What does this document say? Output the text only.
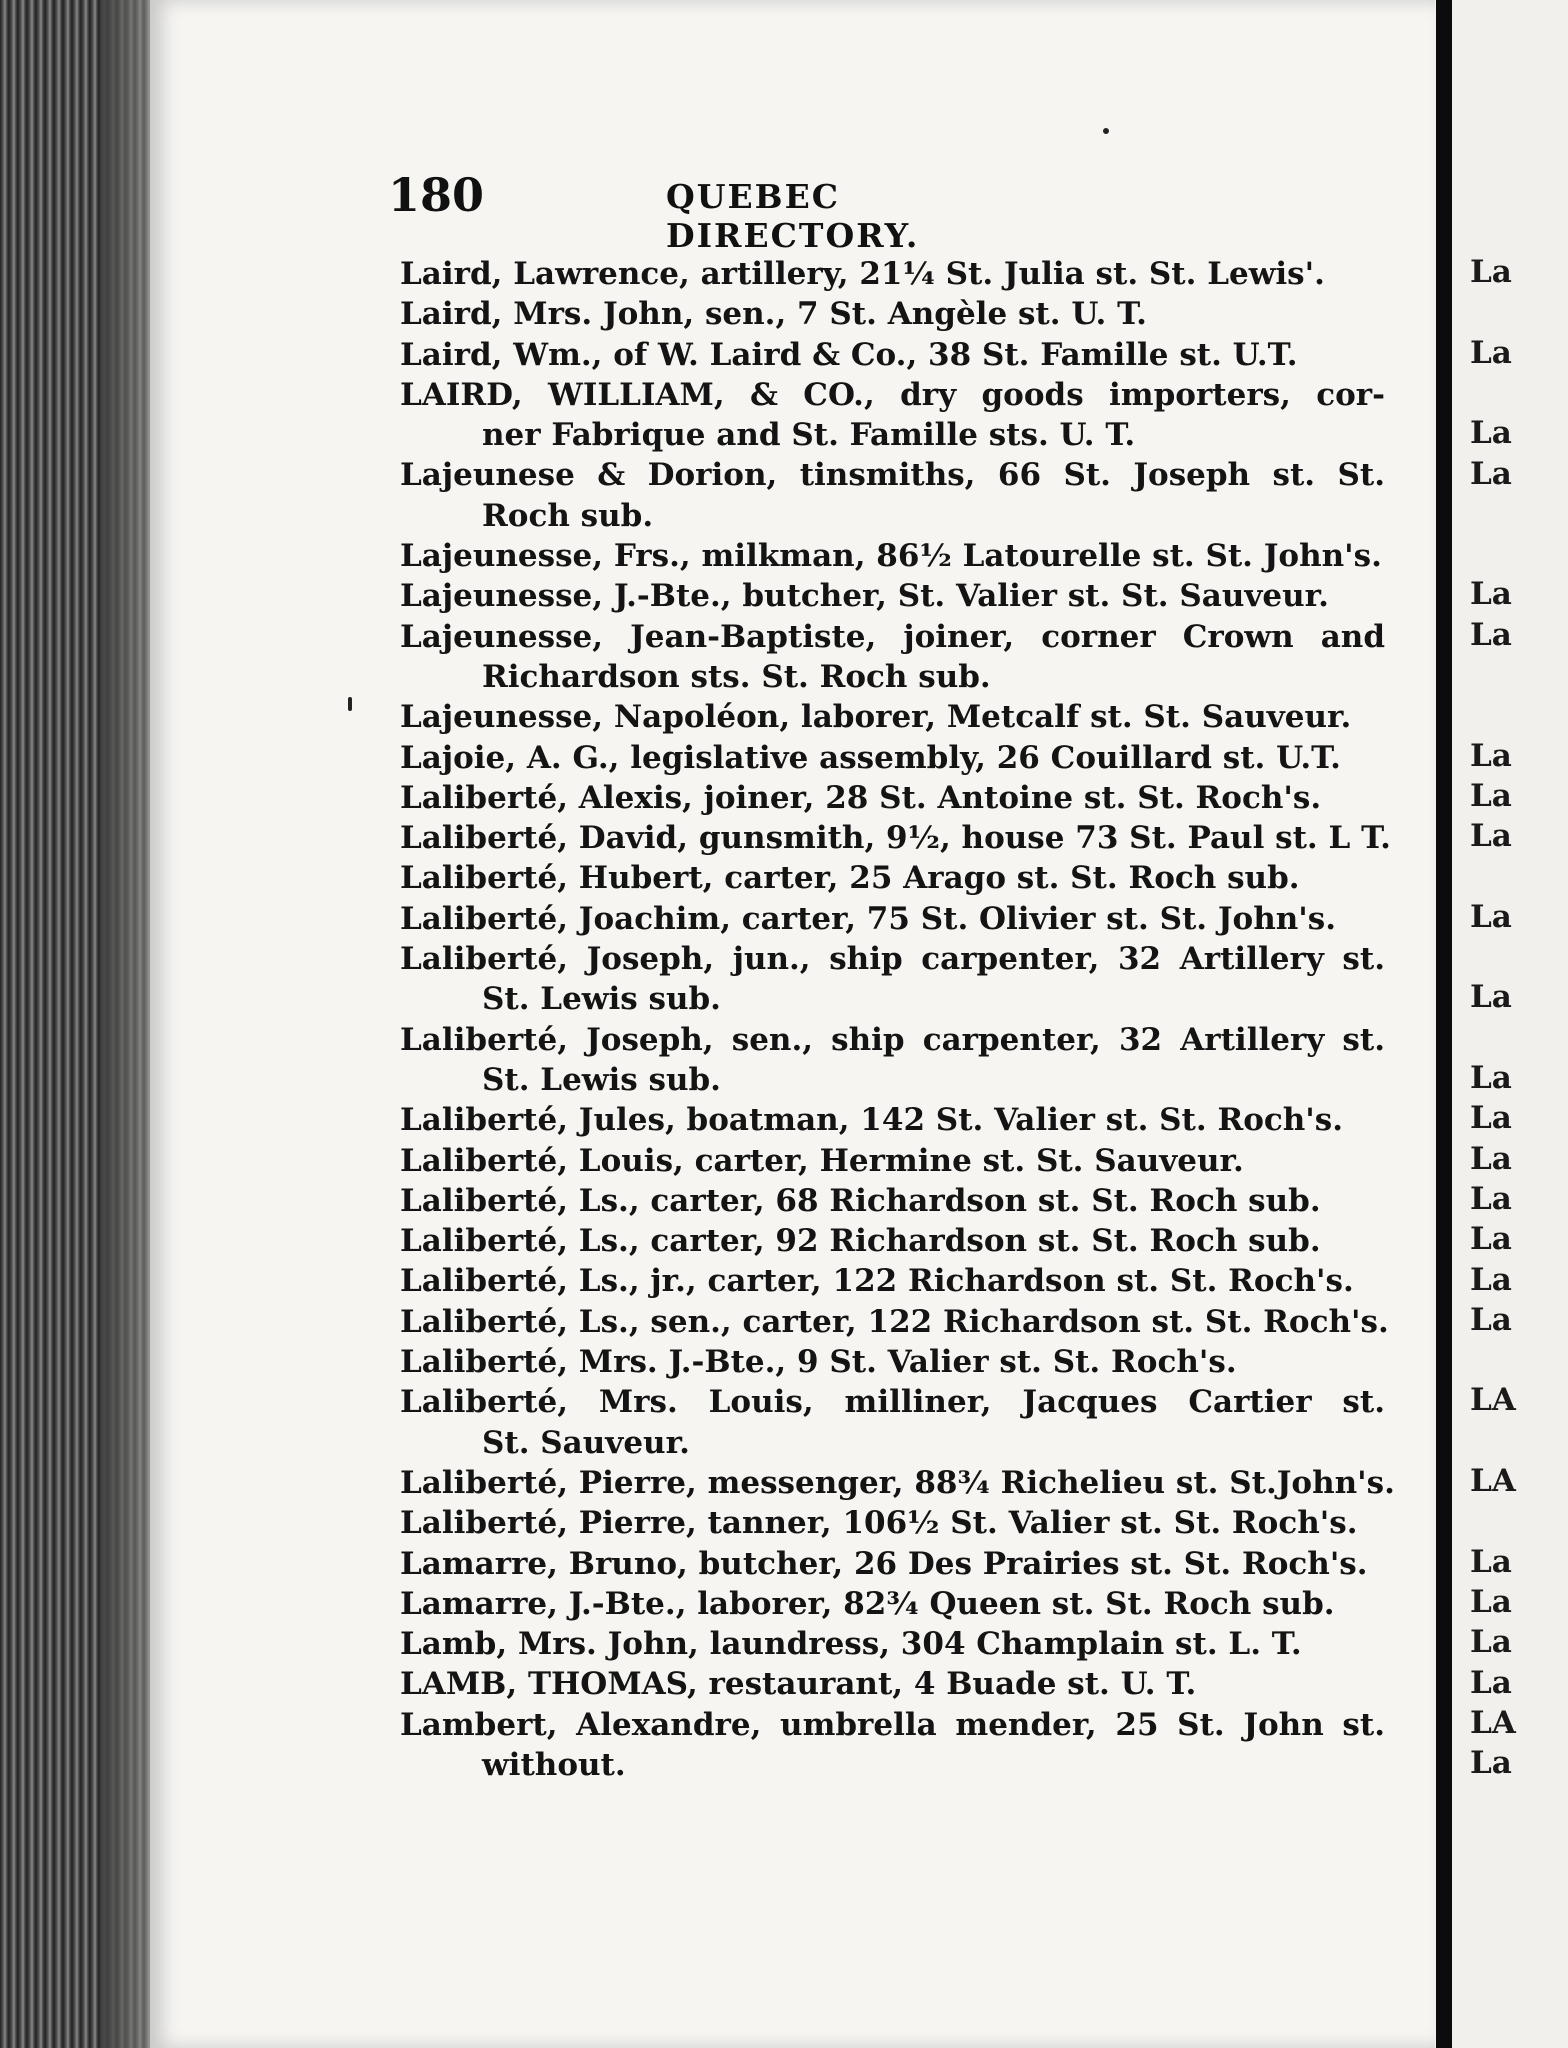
180	QUEBEC DIRECTORY.
Laird, Lawrence, artillery, 21¼ St. Julia st. St. Lewis'.
Laird, Mrs. John, sen., 7 St. Angèle st. U. T.
Laird, Wm., of W. Laird & Co., 38 St. Famille st. U.T.
LAIRD, WILLIAM, & CO., dry goods importers, cor-
ner Fabrique and St. Famille sts. U. T.
Lajeunese & Dorion, tinsmiths, 66 St. Joseph st. St.
Roch sub.
Lajeunesse, Frs., milkman, 86½ Latourelle st. St. John's.
Lajeunesse, J.-Bte., butcher, St. Valier st. St. Sauveur.
Lajeunesse, Jean-Baptiste, joiner, corner Crown and
Richardson sts. St. Roch sub.
Lajeunesse, Napoléon, laborer, Metcalf st. St. Sauveur.
Lajoie, A. G., legislative assembly, 26 Couillard st. U.T.
Laliberté, Alexis, joiner, 28 St. Antoine st. St. Roch's.
Laliberté, David, gunsmith, 9½, house 73 St. Paul st. L T.
Laliberté, Hubert, carter, 25 Arago st. St. Roch sub.
Laliberté, Joachim, carter, 75 St. Olivier st. St. John's.
Laliberté, Joseph, jun., ship carpenter, 32 Artillery st.
St. Lewis sub.
Laliberté, Joseph, sen., ship carpenter, 32 Artillery st.
St. Lewis sub.
Laliberté, Jules, boatman, 142 St. Valier st. St. Roch's.
Laliberté, Louis, carter, Hermine st. St. Sauveur.
Laliberté, Ls., carter, 68 Richardson st. St. Roch sub.
Laliberté, Ls., carter, 92 Richardson st. St. Roch sub.
Laliberté, Ls., jr., carter, 122 Richardson st. St. Roch's.
Laliberté, Ls., sen., carter, 122 Richardson st. St. Roch's.
Laliberté, Mrs. J.-Bte., 9 St. Valier st. St. Roch's.
Laliberté, Mrs. Louis, milliner, Jacques Cartier st.
St. Sauveur.
Laliberté, Pierre, messenger, 88¾ Richelieu st. St.John's.
Laliberté, Pierre, tanner, 106½ St. Valier st. St. Roch's.
Lamarre, Bruno, butcher, 26 Des Prairies st. St. Roch's.
Lamarre, J.-Bte., laborer, 82¾ Queen st. St. Roch sub.
Lamb, Mrs. John, laundress, 304 Champlain st. L. T.
LAMB, THOMAS, restaurant, 4 Buade st. U. T.
Lambert, Alexandre, umbrella mender, 25 St. John st.
without.
La
La
La
La
La
La
La
La
La
La
La
La
La
La
La
La
La
La
LA
LA
La
La
La
La
LA
La
